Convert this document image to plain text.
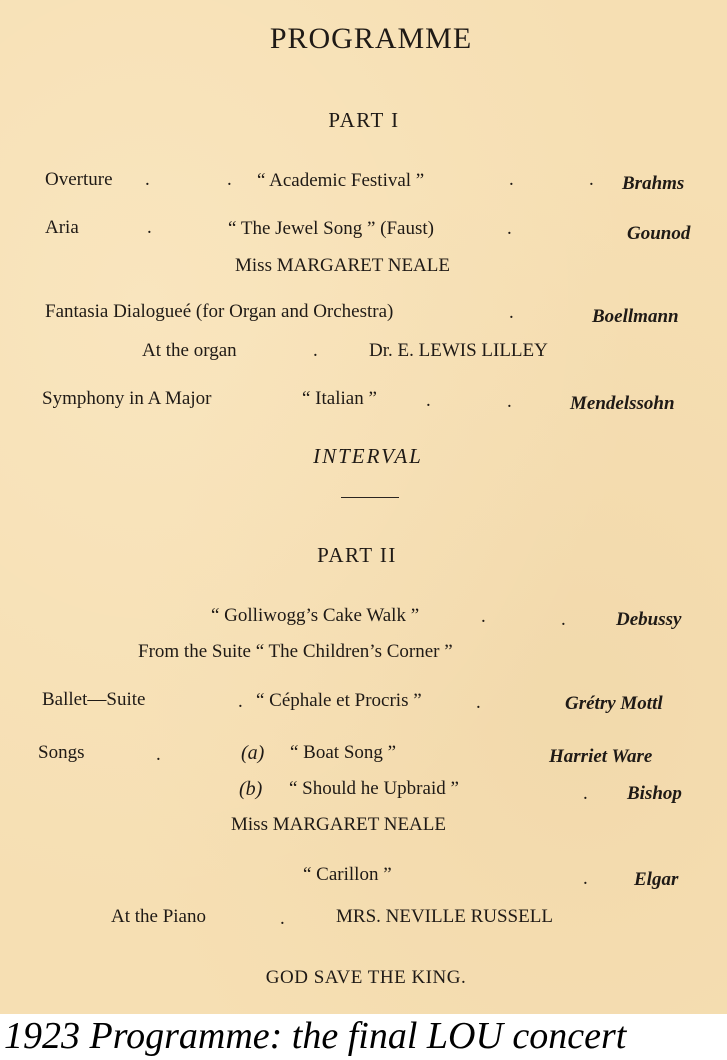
PROGRAMME
PART I
Overture .	. “ Academic Festival ”	.	. Brahms
Aria	.	“ The Jewel Song ” (Faust)	.	Gounod
Miss MARGARET NEALE
Fantasia Dialogueé (for Organ and Orchestra)	.	Boellmann
At the organ	.	Dr. E. LEWIS LILLEY
Symphony in A Major	“ Italian ”	.	.	Mendelssohn
INTERVAL
PART II
“ Golliwogg’s Cake Walk ”	.	.	Debussy
From the Suite “ The Children’s Corner ”
Ballet—Suite	. “ Céphale et Procris ”	.	Grétry Mottl
Songs	.	(a) “ Boat Song ”	Harriet Ware
(b) “ Should he Upbraid ”	. Bishop
Miss MARGARET NEALE
“ Carillon ”	. Elgar
At the Piano	.	MRS. NEVILLE RUSSELL
GOD SAVE THE KING.
1923 Programme: the final LOU concert
